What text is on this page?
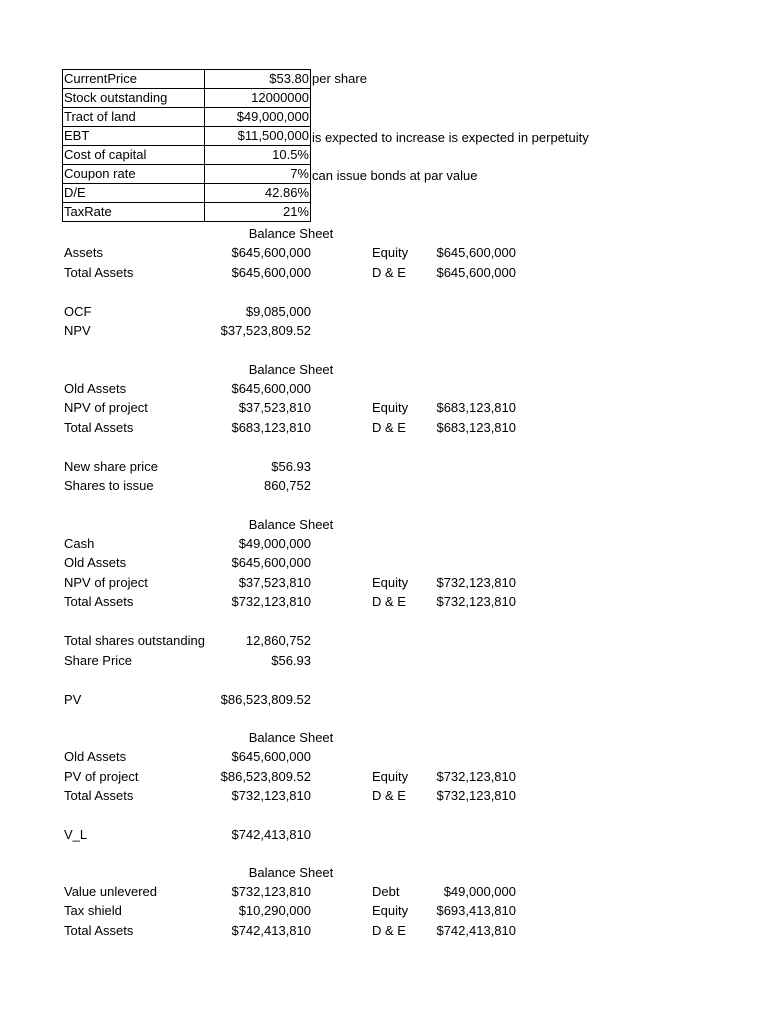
CurrentPrice	$53.80
Stock outstanding	12000000
Tract of land	$49,000,000
EBT	$11,500,000
Cost of capital	10.5%
Coupon rate	7%
D/E	42.86%
TaxRate	21%
per share
is expected to increase is expected in perpetuity
can issue bonds at par value
Balance Sheet
Assets	$645,600,000	Equity	$645,600,000
Total Assets	$645,600,000	D & E	$645,600,000
OCF	$9,085,000
NPV	$37,523,809.52
Balance Sheet
Old Assets	$645,600,000
NPV of project	$37,523,810	Equity	$683,123,810
Total Assets	$683,123,810	D & E	$683,123,810
New share price	$56.93
Shares to issue	860,752
Balance Sheet
Cash	$49,000,000
Old Assets	$645,600,000
NPV of project	$37,523,810	Equity	$732,123,810
Total Assets	$732,123,810	D & E	$732,123,810
Total shares outstanding	12,860,752
Share Price	$56.93
PV	$86,523,809.52
Balance Sheet
Old Assets	$645,600,000
PV of project	$86,523,809.52	Equity	$732,123,810
Total Assets	$732,123,810	D & E	$732,123,810
V_L	$742,413,810
Balance Sheet
Value unlevered	$732,123,810	Debt	$49,000,000
Tax shield	$10,290,000	Equity	$693,413,810
Total Assets	$742,413,810	D & E	$742,413,810
